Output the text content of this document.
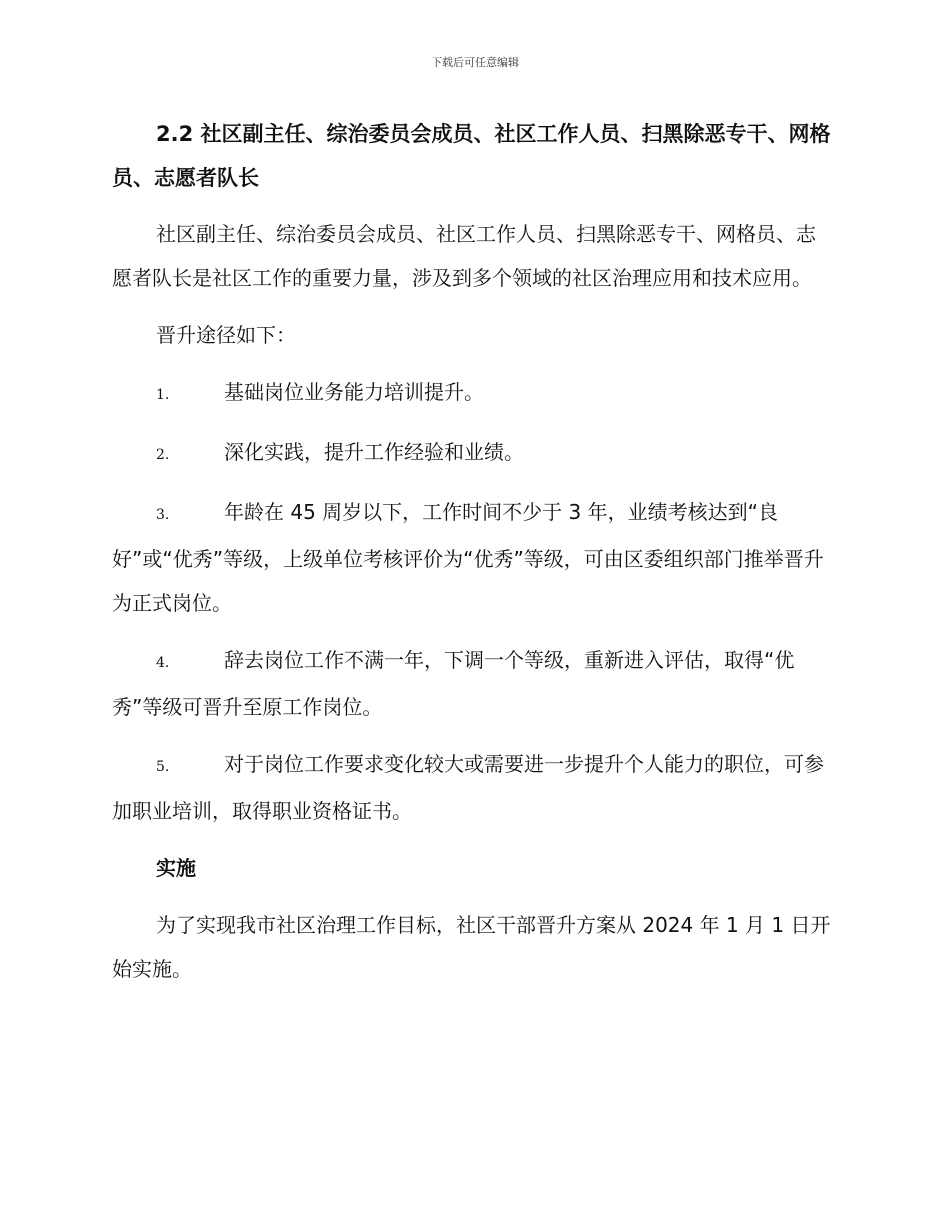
下载后可任意编辑
2.2 社区副主任、综治委员会成员、社区工作人员、扫黑除恶专干、网格员、志愿者队长
社区副主任、综治委员会成员、社区工作人员、扫黑除恶专干、网格员、志愿者队长是社区工作的重要力量，涉及到多个领域的社区治理应用和技术应用。
晋升途径如下：
1.	基础岗位业务能力培训提升。
2.	深化实践，提升工作经验和业绩。
3.	年龄在 45 周岁以下，工作时间不少于 3 年，业绩考核达到“良好”或“优秀”等级，上级单位考核评价为“优秀”等级，可由区委组织部门推举晋升为正式岗位。
4.	辞去岗位工作不满一年，下调一个等级，重新进入评估，取得“优秀”等级可晋升至原工作岗位。
5.	对于岗位工作要求变化较大或需要进一步提升个人能力的职位，可参加职业培训，取得职业资格证书。
实施
为了实现我市社区治理工作目标，社区干部晋升方案从 2024 年 1 月 1 日开始实施。
